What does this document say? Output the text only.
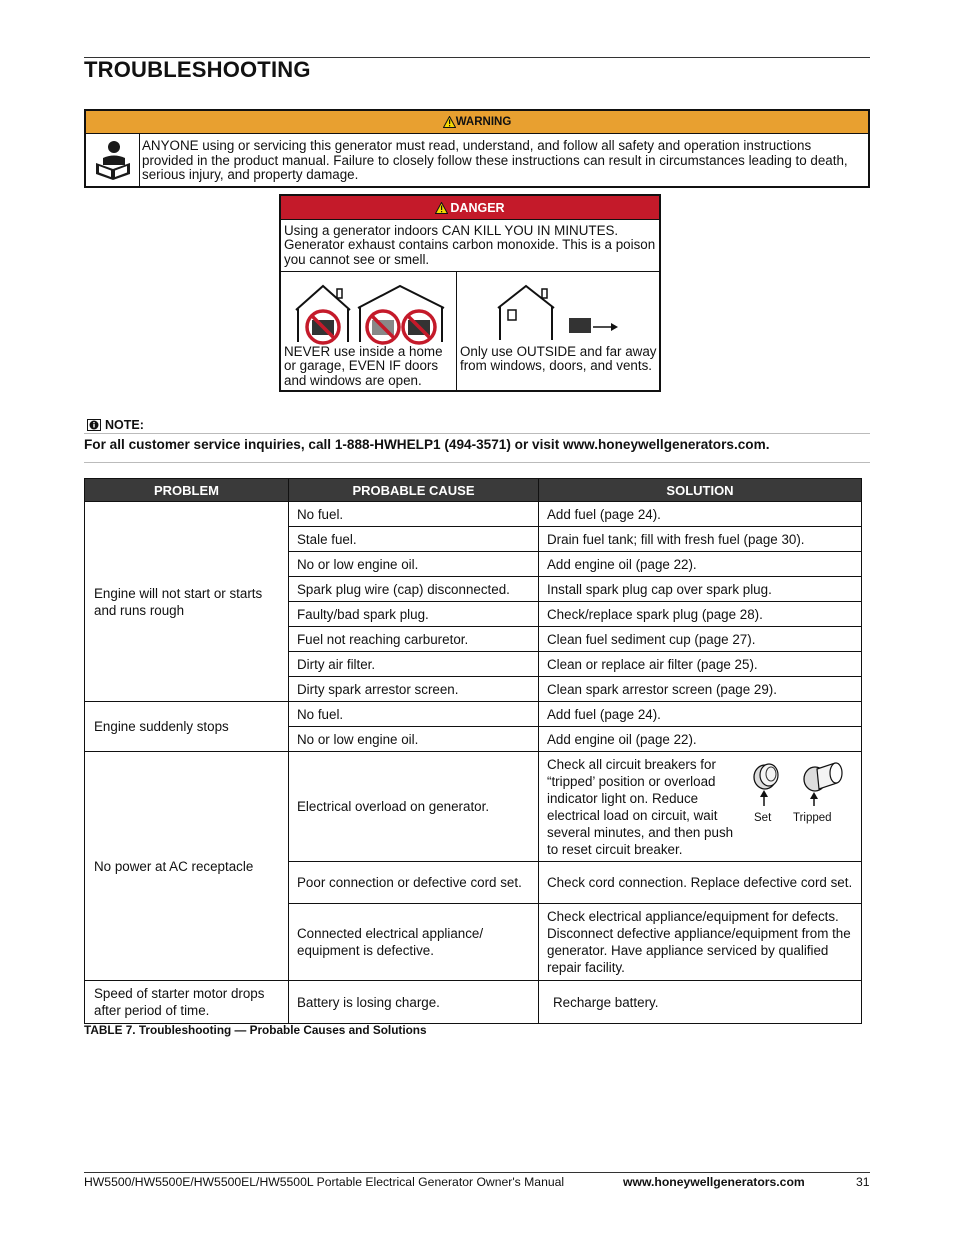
TROUBLESHOOTING
WARNING
ANYONE using or servicing this generator must read, understand, and follow all safety and operation instructions provided in the product manual. Failure to closely follow these instructions can result in circumstances leading to death, serious injury, and property damage.
DANGER
Using a generator indoors CAN KILL YOU IN MINUTES. Generator exhaust contains carbon monoxide. This is a poison you cannot see or smell.
NEVER use inside a home or garage, EVEN IF doors and windows are open.
Only use OUTSIDE and far away from windows, doors, and vents.
NOTE:
For all customer service inquiries, call 1-888-HWHELP1 (494-3571) or visit www.honeywellgenerators.com.
PROBLEM	PROBABLE CAUSE	SOLUTION
Engine will not start or starts and runs rough	No fuel.	Add fuel (page 24).
	Stale fuel.	Drain fuel tank; fill with fresh fuel (page 30).
	No or low engine oil.	Add engine oil (page 22).
	Spark plug wire (cap) disconnected.	Install spark plug cap over spark plug.
	Faulty/bad spark plug.	Check/replace spark plug (page 28).
	Fuel not reaching carburetor.	Clean fuel sediment cup (page 27).
	Dirty air filter.	Clean or replace air filter (page 25).
	Dirty spark arrestor screen.	Clean spark arrestor screen (page 29).
Engine suddenly stops	No fuel.	Add fuel (page 24).
	No or low engine oil.	Add engine oil (page 22).
No power at AC receptacle	Electrical overload on generator.	Check all circuit breakers for “tripped’ position or overload indicator light on. Reduce electrical load on circuit, wait several minutes, and then push to reset circuit breaker.
Set Tripped

	Poor connection or defective cord set.	Check cord connection. Replace defective cord set.
	Connected electrical appliance/ equipment is defective.	Check electrical appliance/equipment for defects. Disconnect defective appliance/equipment from the generator. Have appliance serviced by qualified repair facility.
Speed of starter motor drops after period of time.	Battery is losing charge.	Recharge battery.
TABLE 7. Troubleshooting — Probable Causes and Solutions
HW5500/HW5500E/HW5500EL/HW5500L Portable Electrical Generator Owner's Manual	www.honeywellgenerators.com	31
